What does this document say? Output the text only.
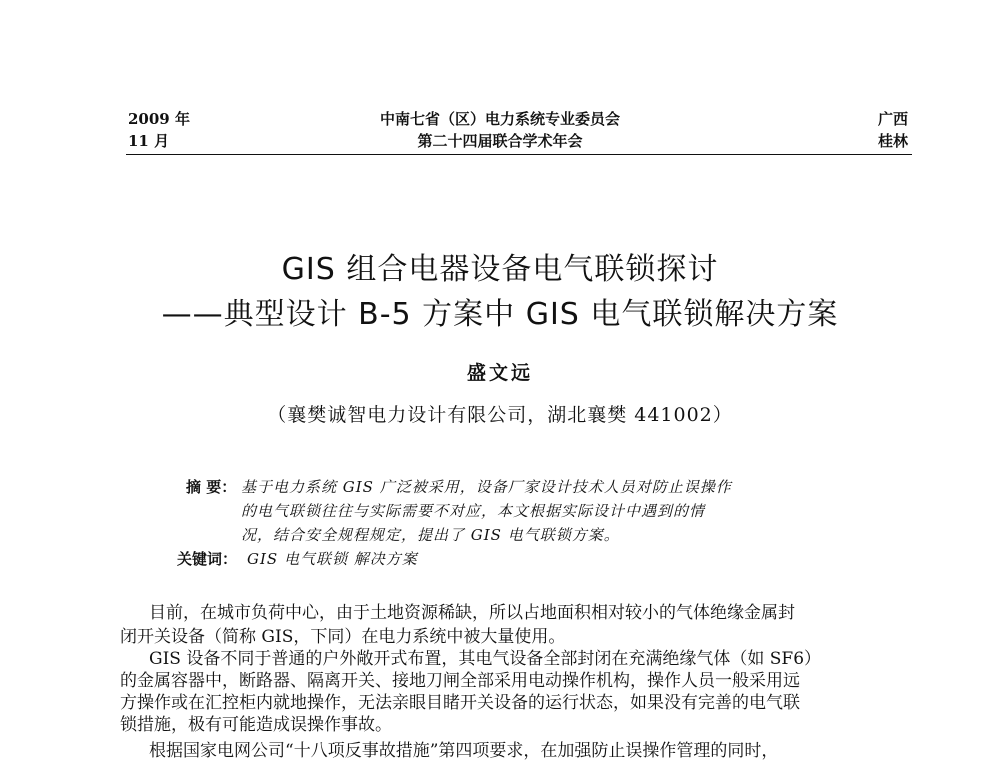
2009 年
11 月
中南七省（区）电力系统专业委员会
第二十四届联合学术年会
广西
桂林
GIS 组合电器设备电气联锁探讨
——典型设计 B-5 方案中 GIS 电气联锁解决方案
盛文远
（襄樊诚智电力设计有限公司，湖北襄樊 441002）
摘 要： 基于电力系统 GIS 广泛被采用，设备厂家设计技术人员对防止误操作
的电气联锁往往与实际需要不对应，本文根据实际设计中遇到的情
况，结合安全规程规定，提出了 GIS 电气联锁方案。
关键词： GIS 电气联锁 解决方案
目前，在城市负荷中心，由于土地资源稀缺，所以占地面积相对较小的气体绝缘金属封
闭开关设备（简称 GIS，下同）在电力系统中被大量使用。
GIS 设备不同于普通的户外敞开式布置，其电气设备全部封闭在充满绝缘气体（如 SF6）
的金属容器中，断路器、隔离开关、接地刀闸全部采用电动操作机构，操作人员一般采用远
方操作或在汇控柜内就地操作，无法亲眼目睹开关设备的运行状态，如果没有完善的电气联
锁措施，极有可能造成误操作事故。
根据国家电网公司“十八项反事故措施”第四项要求，在加强防止误操作管理的同时，
